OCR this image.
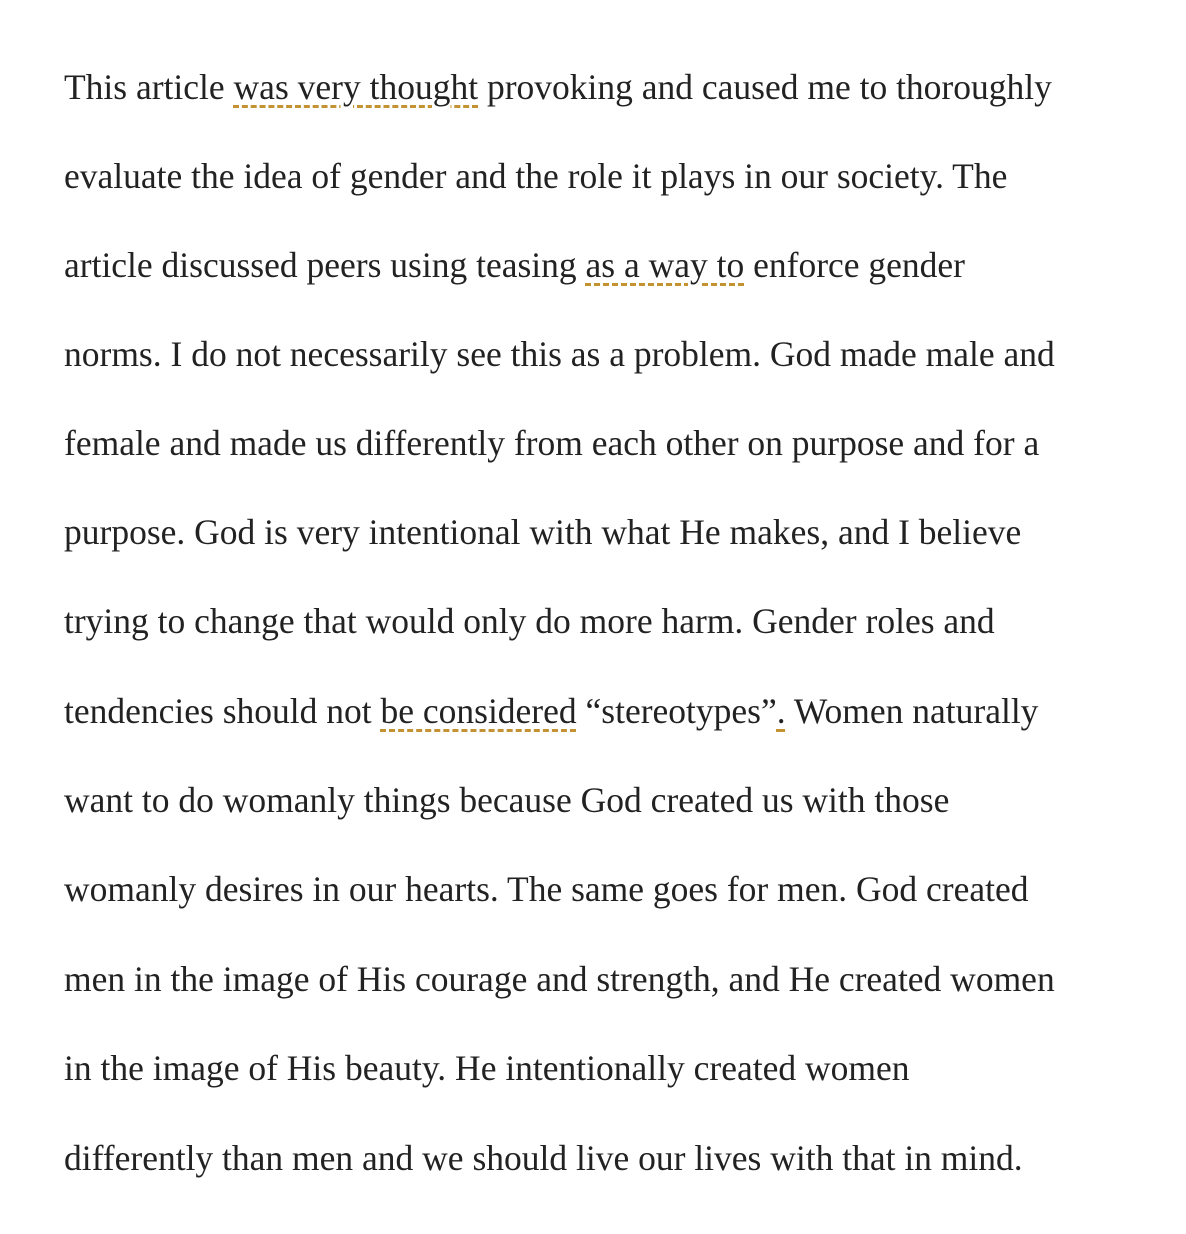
This article was very thought provoking and caused me to thoroughly
evaluate the idea of gender and the role it plays in our society. The
article discussed peers using teasing as a way to enforce gender
norms. I do not necessarily see this as a problem. God made male and
female and made us differently from each other on purpose and for a
purpose. God is very intentional with what He makes, and I believe
trying to change that would only do more harm. Gender roles and
tendencies should not be considered “stereotypes”. Women naturally
want to do womanly things because God created us with those
womanly desires in our hearts. The same goes for men. God created
men in the image of His courage and strength, and He created women
in the image of His beauty. He intentionally created women
differently than men and we should live our lives with that in mind.
